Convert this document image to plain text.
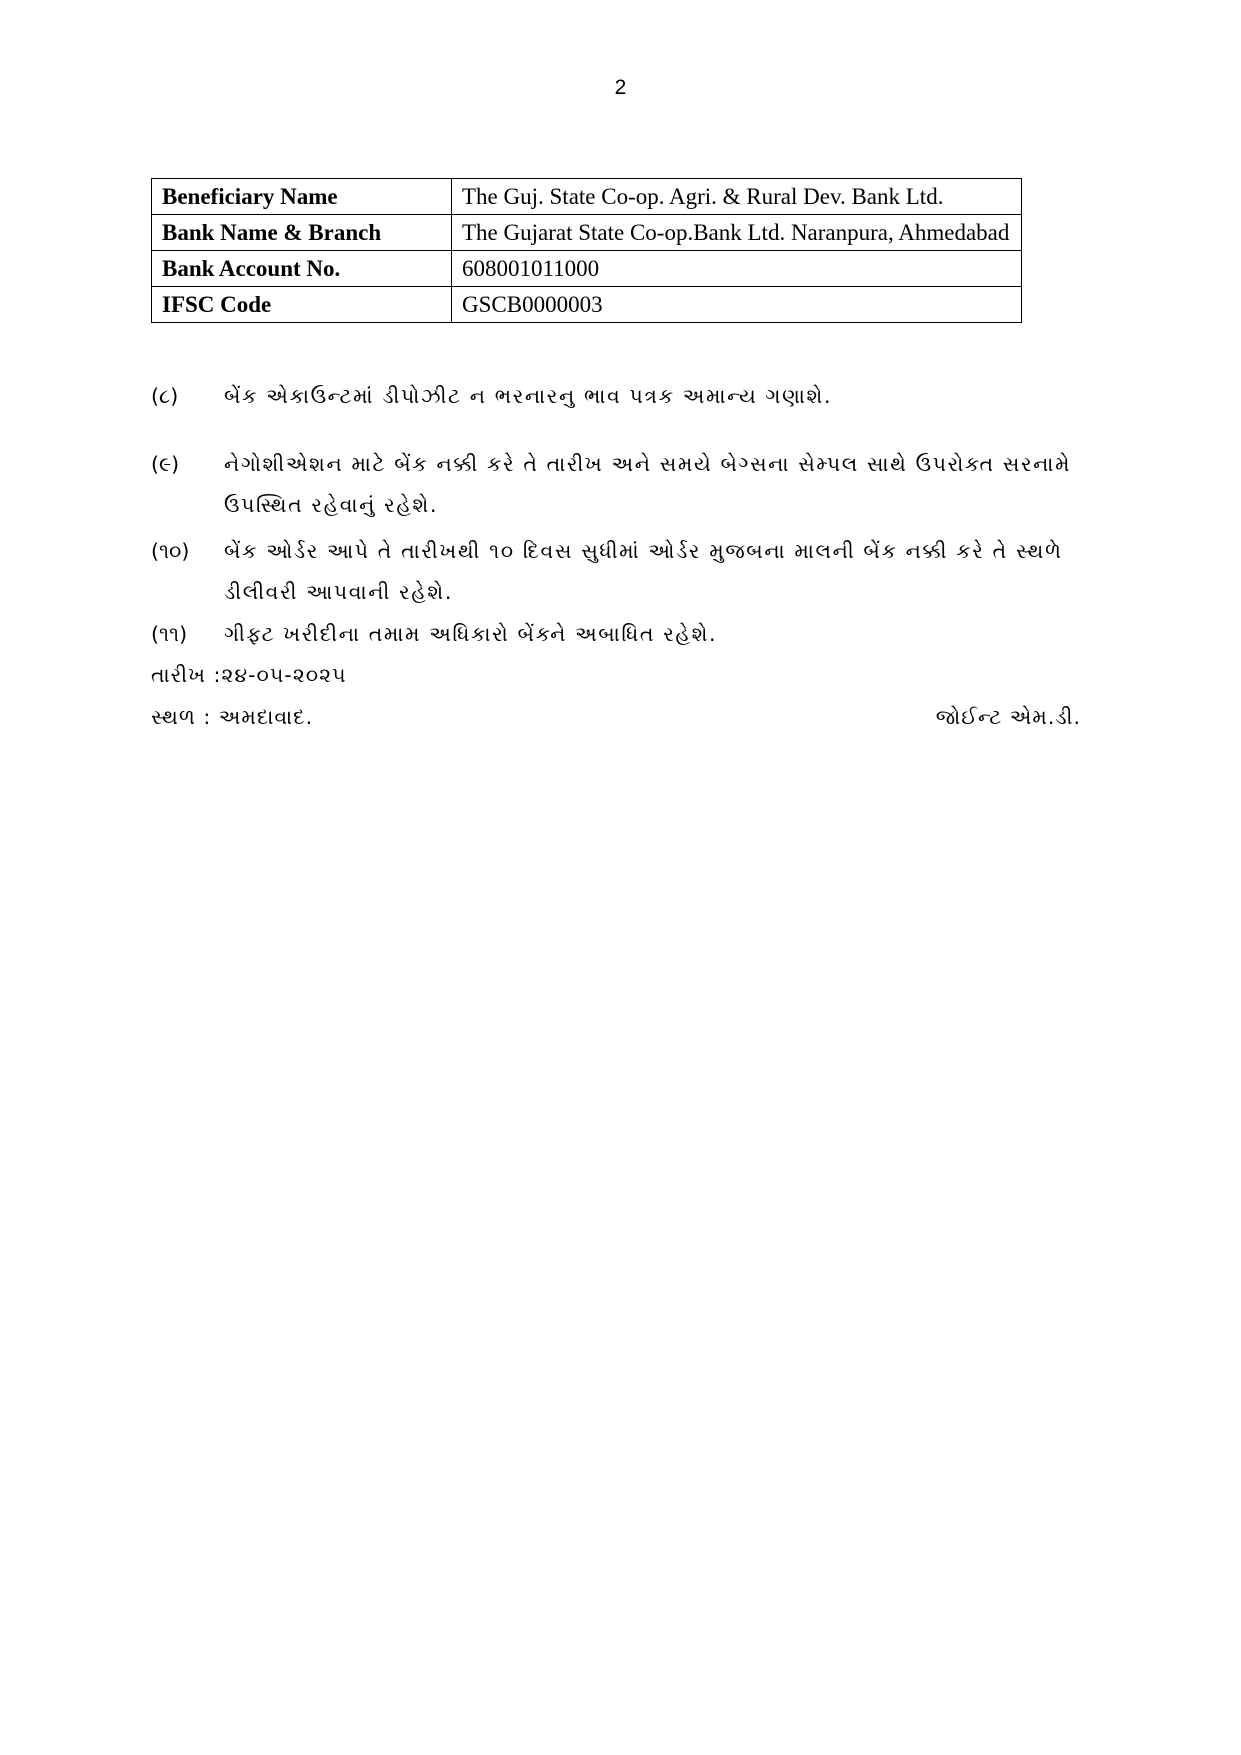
2
Beneficiary Name	The Guj. State Co-op. Agri. & Rural Dev. Bank Ltd.
Bank Name & Branch	The Gujarat State Co-op.Bank Ltd. Naranpura, Ahmedabad
Bank Account No.	608001011000
IFSC Code	GSCB0000003
(૮)	બેંક એકાઉન્ટમાં ડીપોઝીટ ન ભરનારનુ ભાવ પત્રક અમાન્ય ગણાશે.
(૯)	નેગોશીએશન માટે બેંક નક્કી કરે તે તારીખ અને સમયે બેગ્સના સેમ્પલ સાથે ઉપરોક્ત સરનામે ઉપસ્થિત રહેવાનું રહેશે.
(૧૦)	બેંક ઓર્ડર આપે તે તારીખથી ૧૦ દિવસ સુધીમાં ઓર્ડર મુજબના માલની બેંક નક્કી કરે તે સ્થળે ડીલીવરી આપવાની રહેશે.
(૧૧)	ગીફ્ટ ખરીદીના તમામ અધિકારો બેંક્ને અબાધિત રહેશે.
તારીખ :૨૪-૦૫-૨૦૨૫
સ્થળ : અમદાવાદ.	જોઈન્ટ એમ.ડી.
